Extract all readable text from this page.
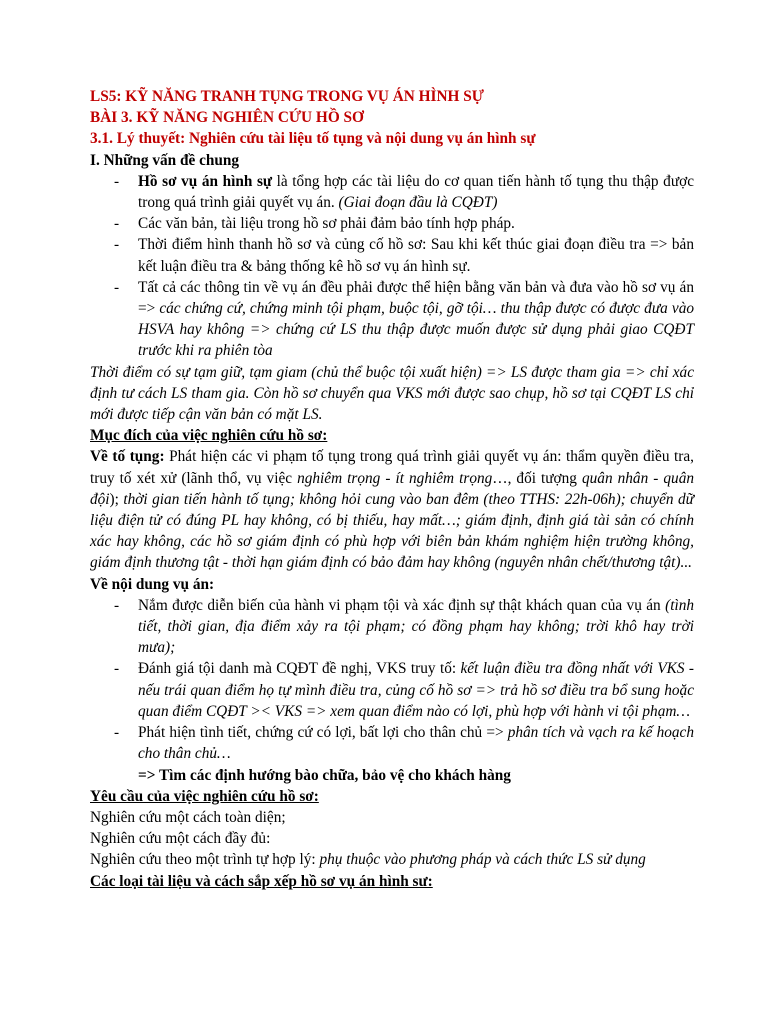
LS5: KỸ NĂNG TRANH TỤNG TRONG VỤ ÁN HÌNH SỰ

BÀI 3. KỸ NĂNG NGHIÊN CỨU HỒ SƠ

3.1. Lý thuyết: Nghiên cứu tài liệu tố tụng và nội dung vụ án hình sự

I. Những vấn đề chung

- Hồ sơ vụ án hình sự là tổng hợp các tài liệu do cơ quan tiến hành tố tụng thu thập được trong quá trình giải quyết vụ án. (Giai đoạn đầu là CQĐT)
- Các văn bản, tài liệu trong hồ sơ phải đảm bảo tính hợp pháp.
- Thời điểm hình thanh hồ sơ và củng cố hồ sơ: Sau khi kết thúc giai đoạn điều tra => bản kết luận điều tra & bảng thống kê hồ sơ vụ án hình sự.
- Tất cả các thông tin về vụ án đều phải được thể hiện bằng văn bản và đưa vào hồ sơ vụ án => các chứng cứ, chứng minh tội phạm, buộc tội, gỡ tội… thu thập được có được đưa vào HSVA hay không => chứng cứ LS thu thập được muốn được sử dụng phải giao CQĐT trước khi ra phiên tòa

Thời điểm có sự tạm giữ, tạm giam (chủ thể buộc tội xuất hiện) => LS được tham gia => chỉ xác định tư cách LS tham gia. Còn hồ sơ chuyển qua VKS mới được sao chụp, hồ sơ tại CQĐT LS chỉ mới được tiếp cận văn bản có mặt LS.

Mục đích của việc nghiên cứu hồ sơ:

Về tố tụng: Phát hiện các vi phạm tố tụng trong quá trình giải quyết vụ án: thẩm quyền điều tra, truy tố xét xử (lãnh thổ, vụ việc nghiêm trọng - ít nghiêm trọng…, đối tượng quân nhân - quân đội); thời gian tiến hành tố tụng; không hỏi cung vào ban đêm (theo TTHS: 22h-06h); chuyển dữ liệu điện tử có đúng PL hay không, có bị thiếu, hay mất…; giám định, định giá tài sản có chính xác hay không, các hồ sơ giám định có phù hợp với biên bản khám nghiệm hiện trường không, giám định thương tật - thời hạn giám định có bảo đảm hay không (nguyên nhân chết/thương tật)...

Về nội dung vụ án:

- Nắm được diễn biến của hành vi phạm tội và xác định sự thật khách quan của vụ án (tình tiết, thời gian, địa điểm xảy ra tội phạm; có đồng phạm hay không; trời khô hay trời mưa);
- Đánh giá tội danh mà CQĐT đề nghị, VKS truy tố: kết luận điều tra đồng nhất với VKS - nếu trái quan điểm họ tự mình điều tra, củng cố hồ sơ => trả hồ sơ điều tra bổ sung hoặc quan điểm CQĐT >< VKS => xem quan điểm nào có lợi, phù hợp với hành vi tội phạm…
- Phát hiện tình tiết, chứng cứ có lợi, bất lợi cho thân chủ => phân tích và vạch ra kế hoạch cho thân chủ…

=> Tìm các định hướng bào chữa, bảo vệ cho khách hàng

Yêu cầu của việc nghiên cứu hồ sơ:

Nghiên cứu một cách toàn diện;

Nghiên cứu một cách đầy đủ:

Nghiên cứu theo một trình tự hợp lý: phụ thuộc vào phương pháp và cách thức LS sử dụng

Các loại tài liệu và cách sắp xếp hồ sơ vụ án hình sư:
